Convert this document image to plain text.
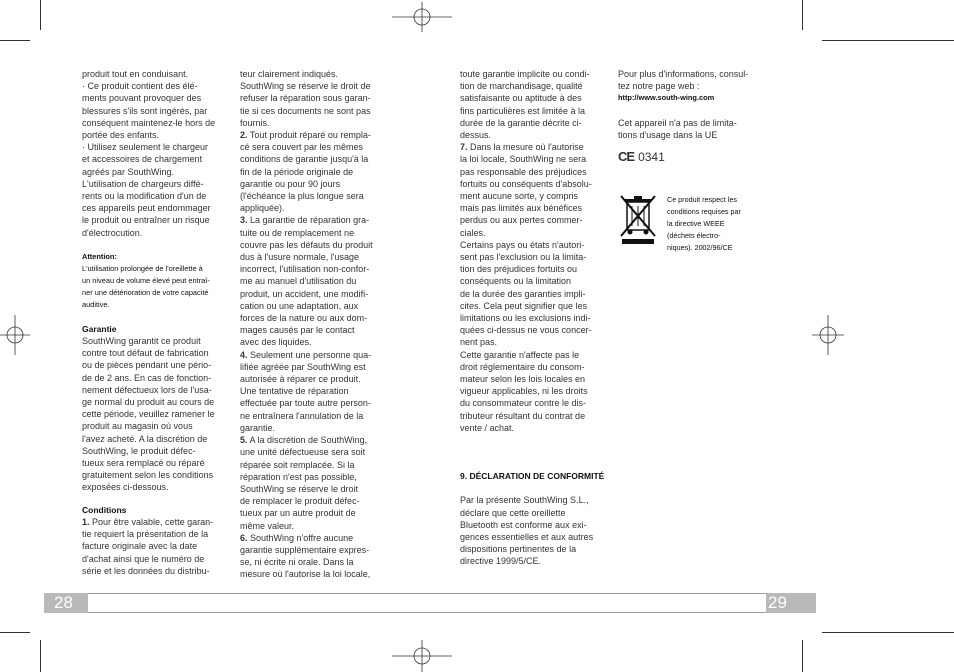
produit tout en conduisant.
· Ce produit contient des élé-
ments pouvant provoquer des
blessures s'ils sont ingérés, par
conséquent maintenez-le hors de
portée des enfants.
· Utilisez seulement le chargeur
et accessoires de chargement
agréés par SouthWing.
L'utilisation de chargeurs diffé-
rents ou la modification d'un de
ces appareils peut endommager
le produit ou entraîner un risque
d'électrocution.

Attention:

L'utilisation prolongée de l'oreillette à
un niveau de volume élevé peut entraî-
ner une détérioration de votre capacité
auditive.

Garantie

SouthWing garantit ce produit
contre tout défaut de fabrication
ou de pièces pendant une pério-
de de 2 ans. En cas de fonction-
nement défectueux lors de l'usa-
ge normal du produit au cours de
cette période, veuillez ramener le
produit au magasin où vous
l'avez acheté. A la discrétion de
SouthWing, le produit défec-
tueux sera remplacé ou réparé
gratuitement selon les conditions
exposées ci-dessous.

Conditions

1. Pour être valable, cette garan-
tie requiert la présentation de la
facture originale avec la date
d'achat ainsi que le numéro de
série et les données du distribu-

teur clairement indiqués.
SouthWing se réserve le droit de
refuser la réparation sous garan-
tie si ces documents ne sont pas
fournis.

2. Tout produit réparé ou rempla-
cé sera couvert par les mêmes
conditions de garantie jusqu'à la
fin de la période originale de
garantie ou pour 90 jours
(l'échéance la plus longue sera
appliquée).

3. La garantie de réparation gra-
tuite ou de remplacement ne
couvre pas les défauts du produit
dus à l'usure normale, l'usage
incorrect, l'utilisation non-confor-
me au manuel d'utilisation du
produit, un accident, une modifi-
cation ou une adaptation, aux
forces de la nature ou aux dom-
mages causés par le contact
avec des liquides.

4. Seulement une personne qua-
lifiée agréée par SouthWing est
autorisée à réparer ce produit.
Une tentative de réparation
effectuée par toute autre person-
ne entraînera l'annulation de la
garantie.

5. A la discrétion de SouthWing,
une unité défectueuse sera soit
réparée soit remplacée. Si la
réparation n'est pas possible,
SouthWing se réserve le droit
de remplacer le produit défec-
tueux par un autre produit de
même valeur.

6. SouthWing n'offre aucune
garantie supplémentaire expres-
se, ni écrite ni orale. Dans la
mesure où l'autorise la loi locale,

toute garantie implicite ou condi-
tion de marchandisage, qualité
satisfaisante ou aptitude à des
fins particulières est limitée à la
durée de la garantie décrite ci-
dessus.

7. Dans la mesure où l'autorise
la loi locale, SouthWing ne sera
pas responsable des préjudices
fortuits ou conséquents d'absolu-
ment aucune sorte, y compris
mais pas limités aux bénéfices
perdus ou aux pertes commer-
ciales.
Certains pays ou états n'autori-
sent pas l'exclusion ou la limita-
tion des préjudices fortuits ou
conséquents ou la limitation
de la durée des garanties impli-
cites. Cela peut signifier que les
limitations ou les exclusions indi-
quées ci-dessus ne vous concer-
nent pas.
Cette garantie n'affecte pas le
droit réglementaire du consom-
mateur selon les lois locales en
vigueur applicables, ni les droits
du consommateur contre le dis-
tributeur résultant du contrat de
vente / achat.

9. DÉCLARATION DE CONFORMITÉ

Par la présente SouthWing S.L.,
déclare que cette oreillette
Bluetooth est conforme aux exi-
gences essentielles et aux autres
dispositions pertinentes de la
directive 1999/5/CE.

Pour plus d'informations, consul-
tez notre page web :

http://www.south-wing.com

Cet appareil n'a pas de limita-
tions d'usage dans la UE

CE 0341
Ce produit respect les
conditions requises par
la directive WEEE
(déchets électro-
niques). 2002/96/CE
28	29
